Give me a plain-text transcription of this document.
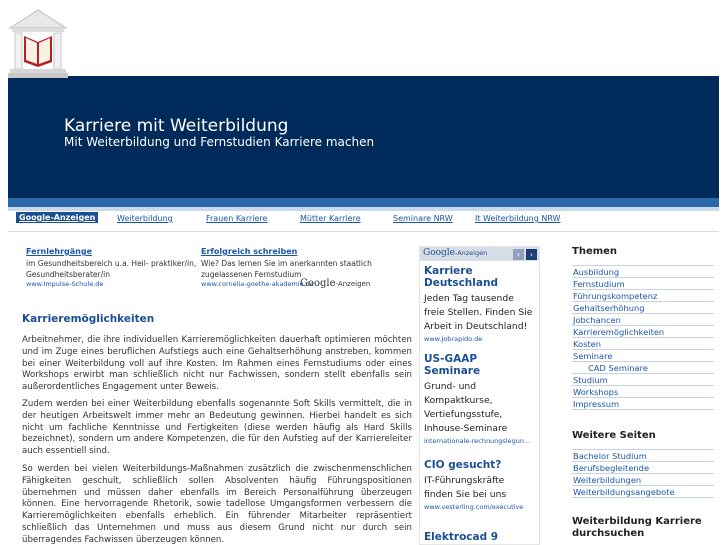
Karriere mit Weiterbildung
Mit Weiterbildung und Fernstudien Karriere machen
Google-Anzeigen	Weiterbildung	Frauen Karriere	Mütter Karriere	Seminare NRW	It Weiterbildung NRW
Fernlehrgänge
im Gesundheitsbereich u.a. Heil- praktiker/in, Gesundheitsberater/in
www.Impulse-Schule.de
Erfolgreich schreiben
Wie? Das lernen Sie im anerkannten staatlich zugelassenen Fernstudium
www.cornelia-goethe-akademie.de
Google-Anzeigen
Karrieremöglichkeiten

Arbeitnehmer, die ihre individuellen Karrieremöglichkeiten dauerhaft optimieren möchten und im Zuge eines beruflichen Aufstiegs auch eine Gehaltserhöhung anstreben, kommen bei einer Weiterbildung voll auf ihre Kosten. Im Rahmen eines Fernstudiums oder eines Workshops erwirbt man schließlich nicht nur Fachwissen, sondern stellt ebenfalls sein außerordentliches Engagement unter Beweis.

Zudem werden bei einer Weiterbildung ebenfalls sogenannte Soft Skills vermittelt, die in der heutigen Arbeitswelt immer mehr an Bedeutung gewinnen. Hierbei handelt es sich nicht um fachliche Kenntnisse und Fertigkeiten (diese werden häufig als Hard Skills bezeichnet), sondern um andere Kompetenzen, die für den Aufstieg auf der Karriereleiter auch essentiell sind.

So werden bei vielen Weiterbildungs-Maßnahmen zusätzlich die zwischenmenschlichen Fähigkeiten geschult, schließlich sollen Absolventen häufig Führungspositionen übernehmen und müssen daher ebenfalls im Bereich Personalführung überzeugen können. Eine hervorragende Rhetorik, sowie tadellose Umgangsformen verbessern die Karrieremöglichkeiten ebenfalls erheblich. Ein führender Mitarbeiter repräsentiert schließlich das Unternehmen und muss aus diesem Grund nicht nur durch sein überragendes Fachwissen überzeugen können.

Google-Anzeigen	‹	›
Karriere Deutschland
Jeden Tag tausende freie Stellen. Finden Sie Arbeit in Deutschland!
www.Jobrapido.de
US-GAAP Seminare
Grund- und Kompaktkurse, Vertiefungsstufe, Inhouse-Seminare
internationale-rechnungslegun...
CIO gesucht?
IT-Führungskräfte finden Sie bei uns
www.vesterling.com/executive
Elektrocad 9
Themen
Ausbildung
Fernstudium
Führungskompetenz
Gehaltserhöhung
Jobchancen
Karrieremöglichkeiten
Kosten
Seminare
CAD Seminare
Studium
Workshops
Impressum
Weitere Seiten
Bachelor Studium
Berufsbegleitende
Weiterbildungen
Weiterbildungsangebote
Weiterbildung Karriere durchsuchen
